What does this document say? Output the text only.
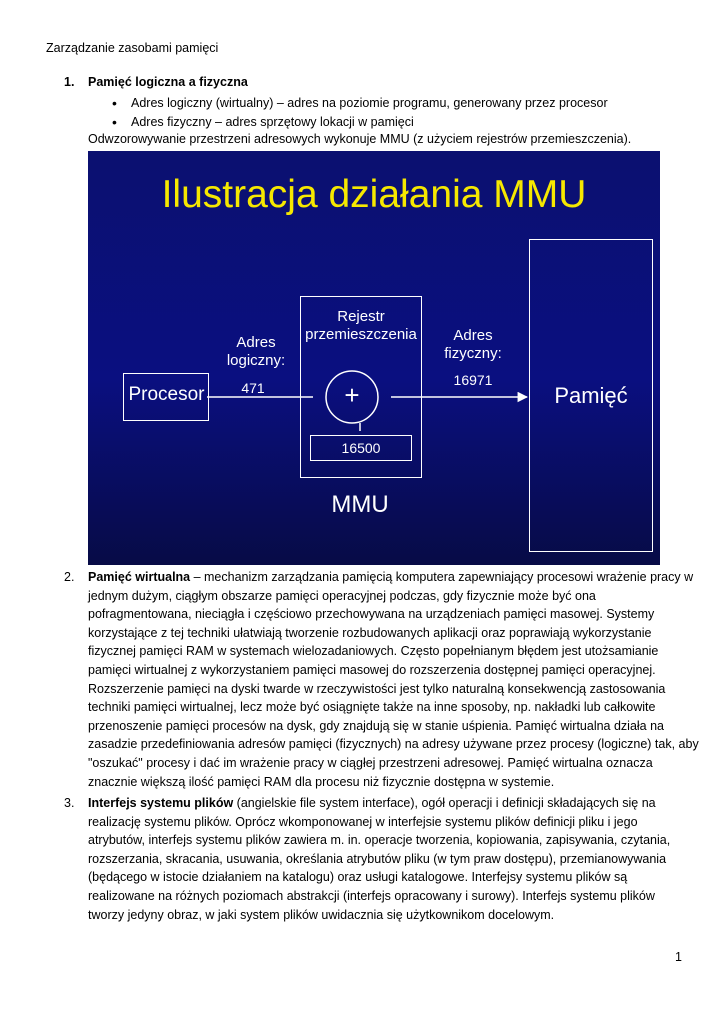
Zarządzanie zasobami pamięci
1. Pamięć logiczna a fizyczna
• Adres logiczny (wirtualny) – adres na poziomie programu, generowany przez procesor
• Adres fizyczny – adres sprzętowy lokacji w pamięci
Odwzorowywanie przestrzeni adresowych wykonuje MMU (z użyciem rejestrów przemieszczenia).
Ilustracja działania MMU
Procesor
Adres
logiczny:
471
Rejestr
przemieszczenia
+
16500
Adres
fizyczny:
16971
Pamięć
MMU
2. Pamięć wirtualna – mechanizm zarządzania pamięcią komputera zapewniający procesowi wrażenie pracy w
jednym dużym, ciągłym obszarze pamięci operacyjnej podczas, gdy fizycznie może być ona
pofragmentowana, nieciągła i częściowo przechowywana na urządzeniach pamięci masowej. Systemy
korzystające z tej techniki ułatwiają tworzenie rozbudowanych aplikacji oraz poprawiają wykorzystanie
fizycznej pamięci RAM w systemach wielozadaniowych. Często popełnianym błędem jest utożsamianie
pamięci wirtualnej z wykorzystaniem pamięci masowej do rozszerzenia dostępnej pamięci operacyjnej.
Rozszerzenie pamięci na dyski twarde w rzeczywistości jest tylko naturalną konsekwencją zastosowania
techniki pamięci wirtualnej, lecz może być osiągnięte także na inne sposoby, np. nakładki lub całkowite
przenoszenie pamięci procesów na dysk, gdy znajdują się w stanie uśpienia. Pamięć wirtualna działa na
zasadzie przedefiniowania adresów pamięci (fizycznych) na adresy używane przez procesy (logiczne) tak, aby
"oszukać" procesy i dać im wrażenie pracy w ciągłej przestrzeni adresowej. Pamięć wirtualna oznacza
znacznie większą ilość pamięci RAM dla procesu niż fizycznie dostępna w systemie.
3. Interfejs systemu plików (angielskie file system interface), ogół operacji i definicji składających się na
realizację systemu plików. Oprócz wkomponowanej w interfejsie systemu plików definicji pliku i jego
atrybutów, interfejs systemu plików zawiera m. in. operacje tworzenia, kopiowania, zapisywania, czytania,
rozszerzania, skracania, usuwania, określania atrybutów pliku (w tym praw dostępu), przemianowywania
(będącego w istocie działaniem na katalogu) oraz usługi katalogowe. Interfejsy systemu plików są
realizowane na różnych poziomach abstrakcji (interfejs opracowany i surowy). Interfejs systemu plików
tworzy jedyny obraz, w jaki system plików uwidacznia się użytkownikom docelowym.
1
